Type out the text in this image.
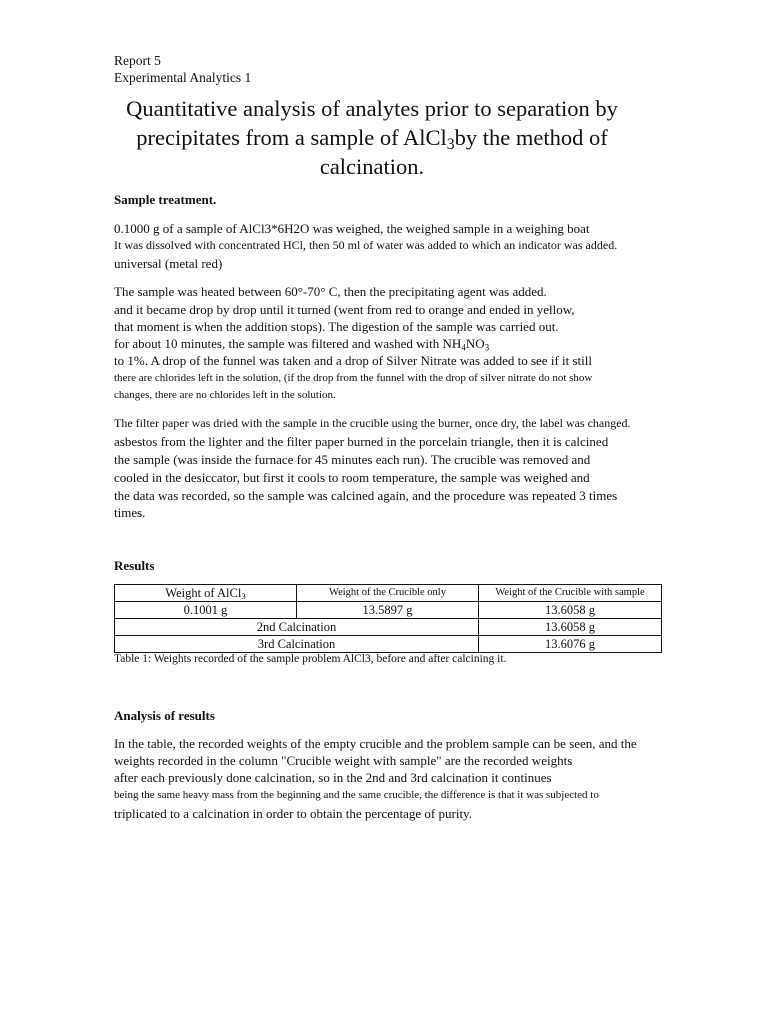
Report 5
Experimental Analytics 1
Quantitative analysis of analytes prior to separation by
precipitates from a sample of AlCl$_3$by the method of
calcination.
Sample treatment.
0.1000 g of a sample of AlCl3*6H2O was weighed, the weighed sample in a weighing boat
It was dissolved with concentrated HCl, then 50 ml of water was added to which an indicator was added.
universal (metal red)
The sample was heated between 60°-70° C, then the precipitating agent was added.
and it became drop by drop until it turned (went from red to orange and ended in yellow,
that moment is when the addition stops). The digestion of the sample was carried out.
for about 10 minutes, the sample was filtered and washed with $NH_4NO_3$
to 1%. A drop of the funnel was taken and a drop of Silver Nitrate was added to see if it still
there are chlorides left in the solution, (if the drop from the funnel with the drop of silver nitrate do not show
changes, there are no chlorides left in the solution.
The filter paper was dried with the sample in the crucible using the burner, once dry, the label was changed.
asbestos from the lighter and the filter paper burned in the porcelain triangle, then it is calcined
the sample (was inside the furnace for 45 minutes each run). The crucible was removed and
cooled in the desiccator, but first it cools to room temperature, the sample was weighed and
the data was recorded, so the sample was calcined again, and the procedure was repeated 3 times
times.
Results
Weight of AlCl$_3$	Weight of the Crucible only	Weight of the Crucible with sample
0.1001 g	13.5897 g	13.6058 g
2nd Calcination		13.6058 g
3rd Calcination		13.6076 g
Table 1: Weights recorded of the sample problem AlCl3, before and after calcining it.
Analysis of results
In the table, the recorded weights of the empty crucible and the problem sample can be seen, and the
weights recorded in the column "Crucible weight with sample" are the recorded weights
after each previously done calcination, so in the 2nd and 3rd calcination it continues
being the same heavy mass from the beginning and the same crucible, the difference is that it was subjected to
triplicated to a calcination in order to obtain the percentage of purity.
